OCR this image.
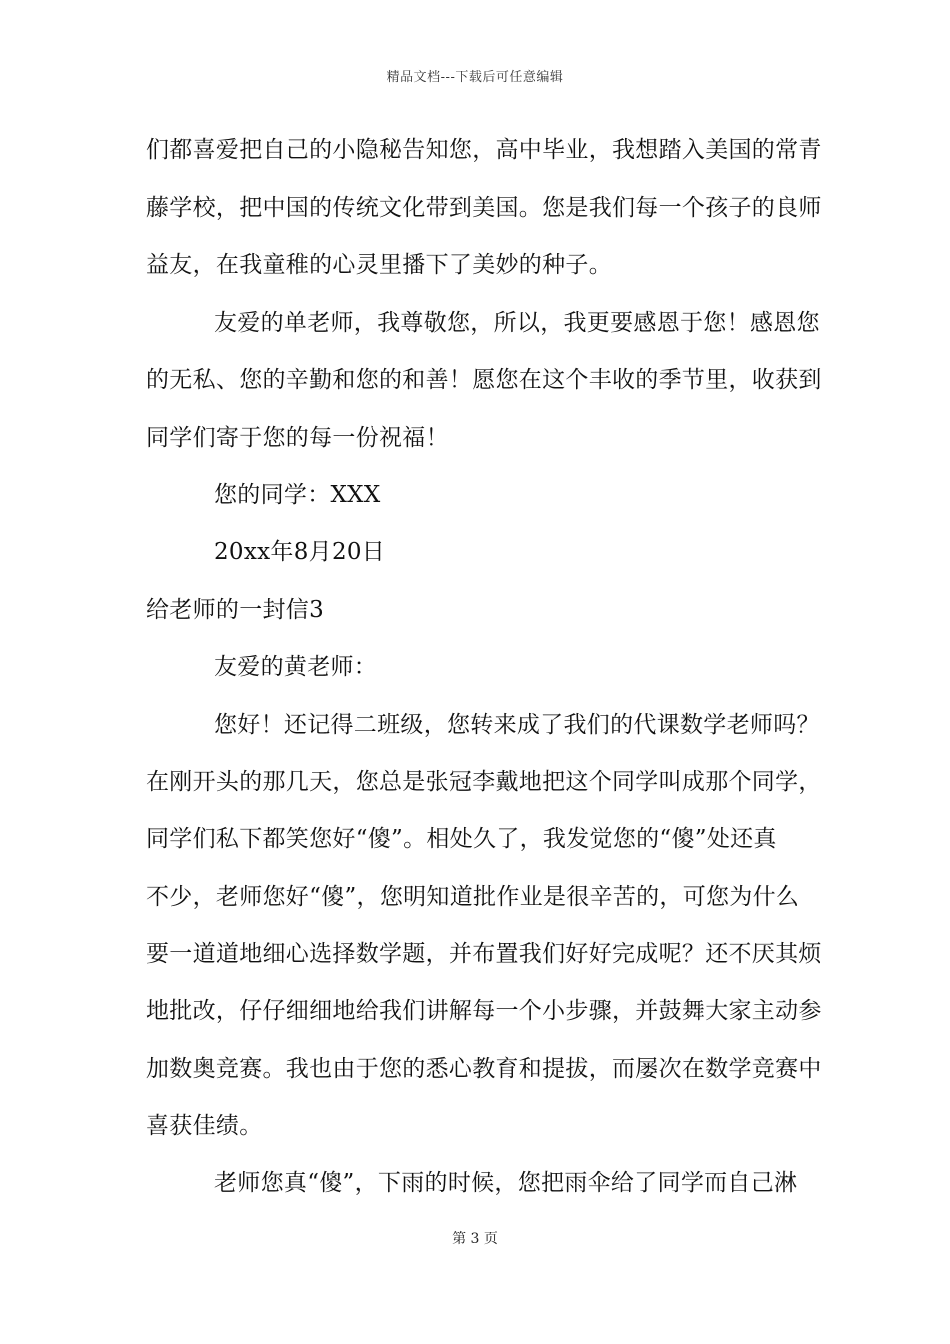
精品文档---下载后可任意编辑
们都喜爱把自己的小隐秘告知您，高中毕业，我想踏入美国的常青
藤学校，把中国的传统文化带到美国。您是我们每一个孩子的良师
益友，在我童稚的心灵里播下了美妙的种子。
友爱的单老师，我尊敬您，所以，我更要感恩于您！感恩您
的无私、您的辛勤和您的和善！愿您在这个丰收的季节里，收获到
同学们寄于您的每一份祝福！
您的同学：XXX
20xx年8月20日
给老师的一封信3
友爱的黄老师：
您好！还记得二班级，您转来成了我们的代课数学老师吗？
在刚开头的那几天，您总是张冠李戴地把这个同学叫成那个同学，
同学们私下都笑您好“傻”。相处久了，我发觉您的“傻”处还真
不少，老师您好“傻”，您明知道批作业是很辛苦的，可您为什么
要一道道地细心选择数学题，并布置我们好好完成呢？还不厌其烦
地批改，仔仔细细地给我们讲解每一个小步骤，并鼓舞大家主动参
加数奥竞赛。我也由于您的悉心教育和提拔，而屡次在数学竞赛中
喜获佳绩。
老师您真“傻”，下雨的时候，您把雨伞给了同学而自己淋
第 3 页
